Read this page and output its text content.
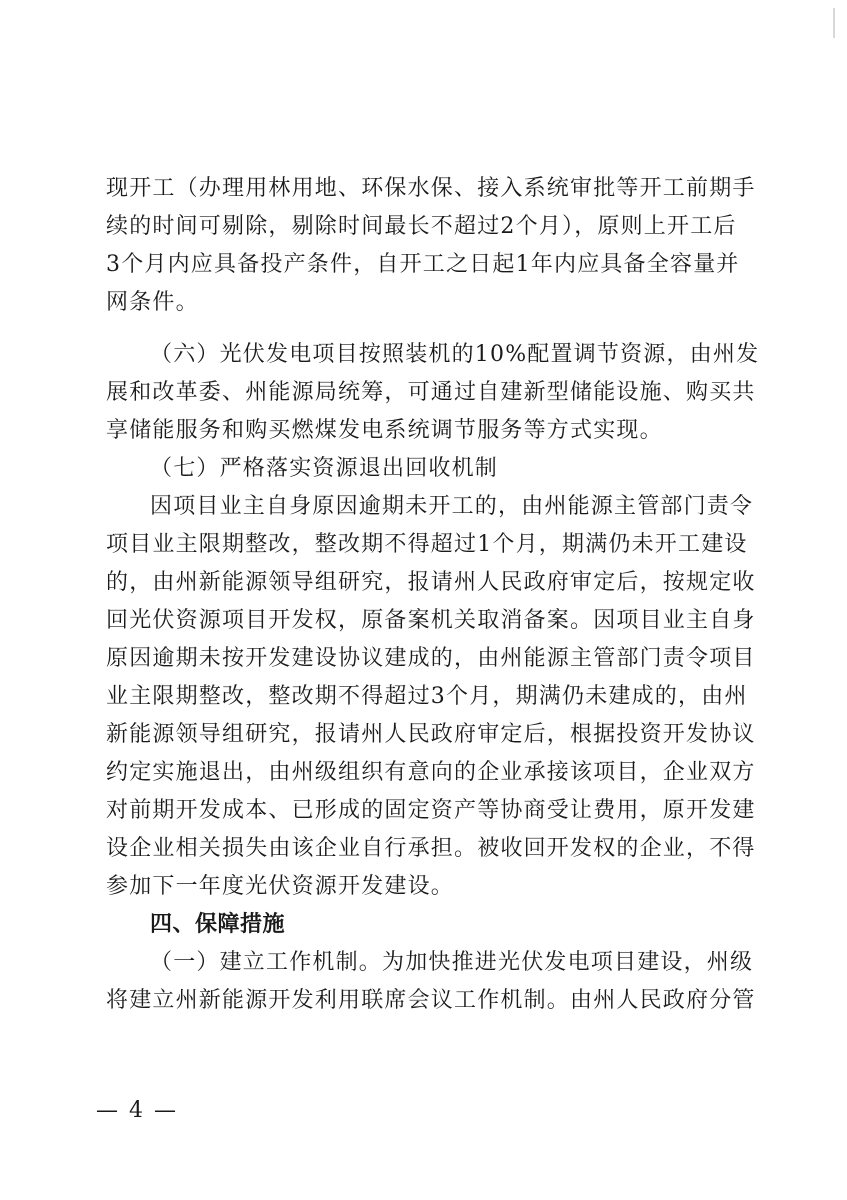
现开工（办理用林用地、环保水保、接入系统审批等开工前期手
续的时间可剔除，剔除时间最长不超过2个月），原则上开工后
3个月内应具备投产条件，自开工之日起1年内应具备全容量并
网条件。
（六）光伏发电项目按照装机的10%配置调节资源，由州发
展和改革委、州能源局统筹，可通过自建新型储能设施、购买共
享储能服务和购买燃煤发电系统调节服务等方式实现。
（七）严格落实资源退出回收机制
因项目业主自身原因逾期未开工的，由州能源主管部门责令
项目业主限期整改，整改期不得超过1个月，期满仍未开工建设
的，由州新能源领导组研究，报请州人民政府审定后，按规定收
回光伏资源项目开发权，原备案机关取消备案。因项目业主自身
原因逾期未按开发建设协议建成的，由州能源主管部门责令项目
业主限期整改，整改期不得超过3个月，期满仍未建成的，由州
新能源领导组研究，报请州人民政府审定后，根据投资开发协议
约定实施退出，由州级组织有意向的企业承接该项目，企业双方
对前期开发成本、已形成的固定资产等协商受让费用，原开发建
设企业相关损失由该企业自行承担。被收回开发权的企业，不得
参加下一年度光伏资源开发建设。
四、保障措施
（一）建立工作机制。为加快推进光伏发电项目建设，州级
将建立州新能源开发利用联席会议工作机制。由州人民政府分管
— 4 —
